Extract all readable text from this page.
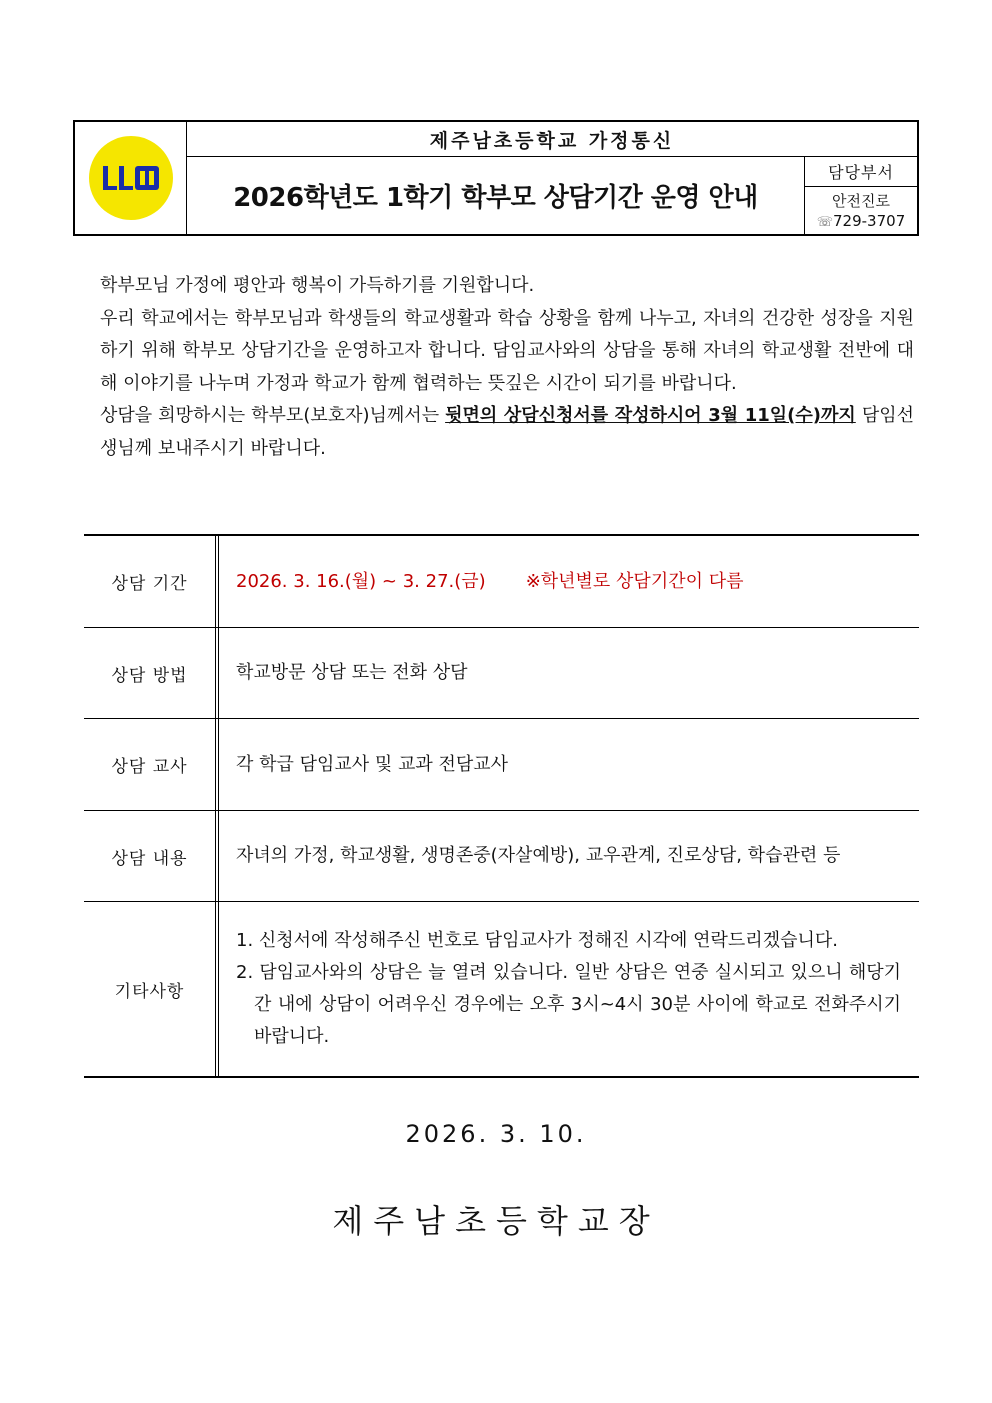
제주남초등학교 가정통신
2026학년도 1학기 학부모 상담기간 운영 안내
담당부서
안전진로
☏729-3707

학부모님 가정에 평안과 행복이 가득하기를 기원합니다.

우리 학교에서는 학부모님과 학생들의 학교생활과 학습 상황을 함께 나누고, 자녀의 건강한 성장을 지원하기 위해 학부모 상담기간을 운영하고자 합니다. 담임교사와의 상담을 통해 자녀의 학교생활 전반에 대해 이야기를 나누며 가정과 학교가 함께 협력하는 뜻깊은 시간이 되기를 바랍니다.

상담을 희망하시는 학부모(보호자)님께서는 뒷면의 상담신청서를 작성하시어 3월 11일(수)까지 담임선생님께 보내주시기 바랍니다.

상담 기간	2026. 3. 16.(월) ~ 3. 27.(금) ※학년별로 상담기간이 다름
상담 방법	학교방문 상담 또는 전화 상담
상담 교사	각 학급 담임교사 및 교과 전담교사
상담 내용	자녀의 가정, 학교생활, 생명존중(자살예방), 교우관계, 진로상담, 학습관련 등
기타사항
1. 신청서에 작성해주신 번호로 담임교사가 정해진 시각에 연락드리겠습니다.
2. 담임교사와의 상담은 늘 열려 있습니다. 일반 상담은 연중 실시되고 있으니 해당기간 내에 상담이 어려우신 경우에는 오후 3시~4시 30분 사이에 학교로 전화주시기 바랍니다.
2026. 3. 10.
제주남초등학교장
